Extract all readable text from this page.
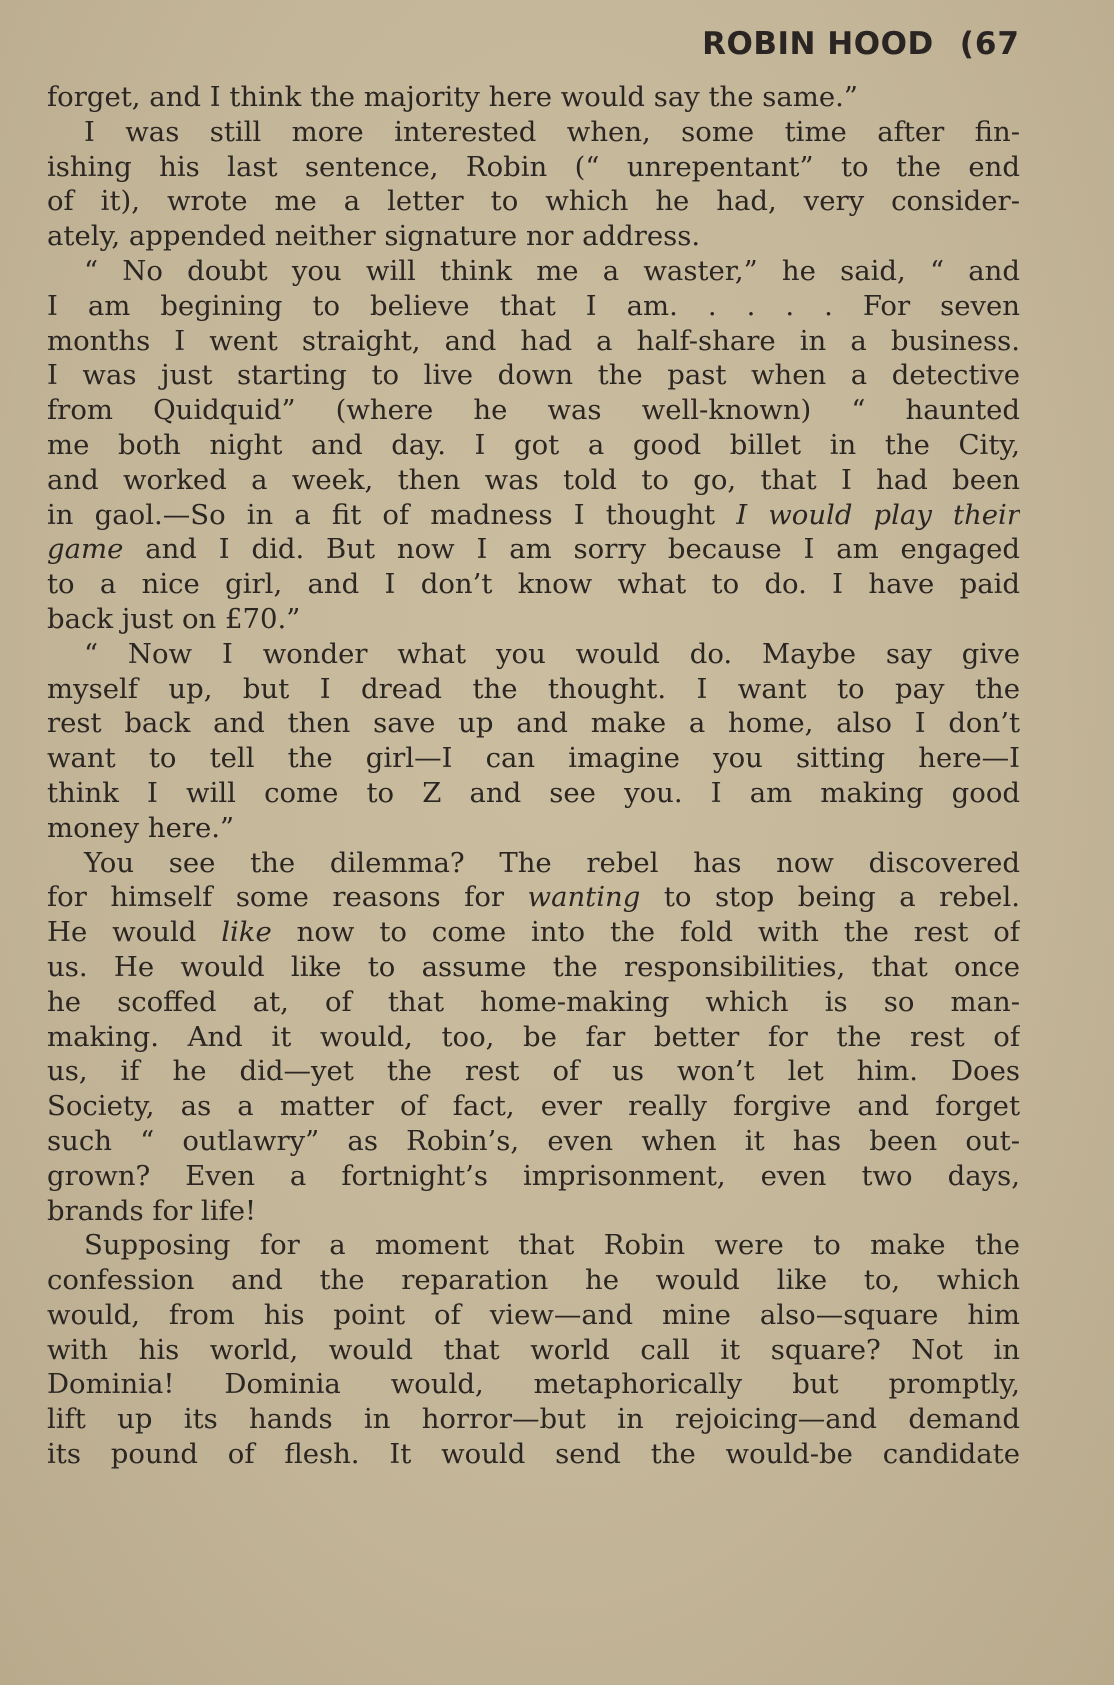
ROBIN HOOD (67
forget, and I think the majority here would say the same.”
I was still more interested when, some time after fin-
ishing his last sentence, Robin (“ unrepentant” to the end
of it), wrote me a letter to which he had, very consider-
ately, appended neither signature nor address.
“ No doubt you will think me a waster,” he said, “ and
I am begining to believe that I am. . . . . For seven
months I went straight, and had a half-share in a business.
I was just starting to live down the past when a detective
from Quidquid” (where he was well-known) “ haunted
me both night and day. I got a good billet in the City,
and worked a week, then was told to go, that I had been
in gaol.—So in a fit of madness I thought I would play their
game and I did. But now I am sorry because I am engaged
to a nice girl, and I don’t know what to do. I have paid
back just on £70.”
“ Now I wonder what you would do. Maybe say give
myself up, but I dread the thought. I want to pay the
rest back and then save up and make a home, also I don’t
want to tell the girl—I can imagine you sitting here—I
think I will come to Z and see you. I am making good
money here.”
You see the dilemma? The rebel has now discovered
for himself some reasons for wanting to stop being a rebel.
He would like now to come into the fold with the rest of
us. He would like to assume the responsibilities, that once
he scoffed at, of that home-making which is so man-
making. And it would, too, be far better for the rest of
us, if he did—yet the rest of us won’t let him. Does
Society, as a matter of fact, ever really forgive and forget
such “ outlawry” as Robin’s, even when it has been out-
grown? Even a fortnight’s imprisonment, even two days,
brands for life!
Supposing for a moment that Robin were to make the
confession and the reparation he would like to, which
would, from his point of view—and mine also—square him
with his world, would that world call it square? Not in
Dominia! Dominia would, metaphorically but promptly,
lift up its hands in horror—but in rejoicing—and demand
its pound of flesh. It would send the would-be candidate
